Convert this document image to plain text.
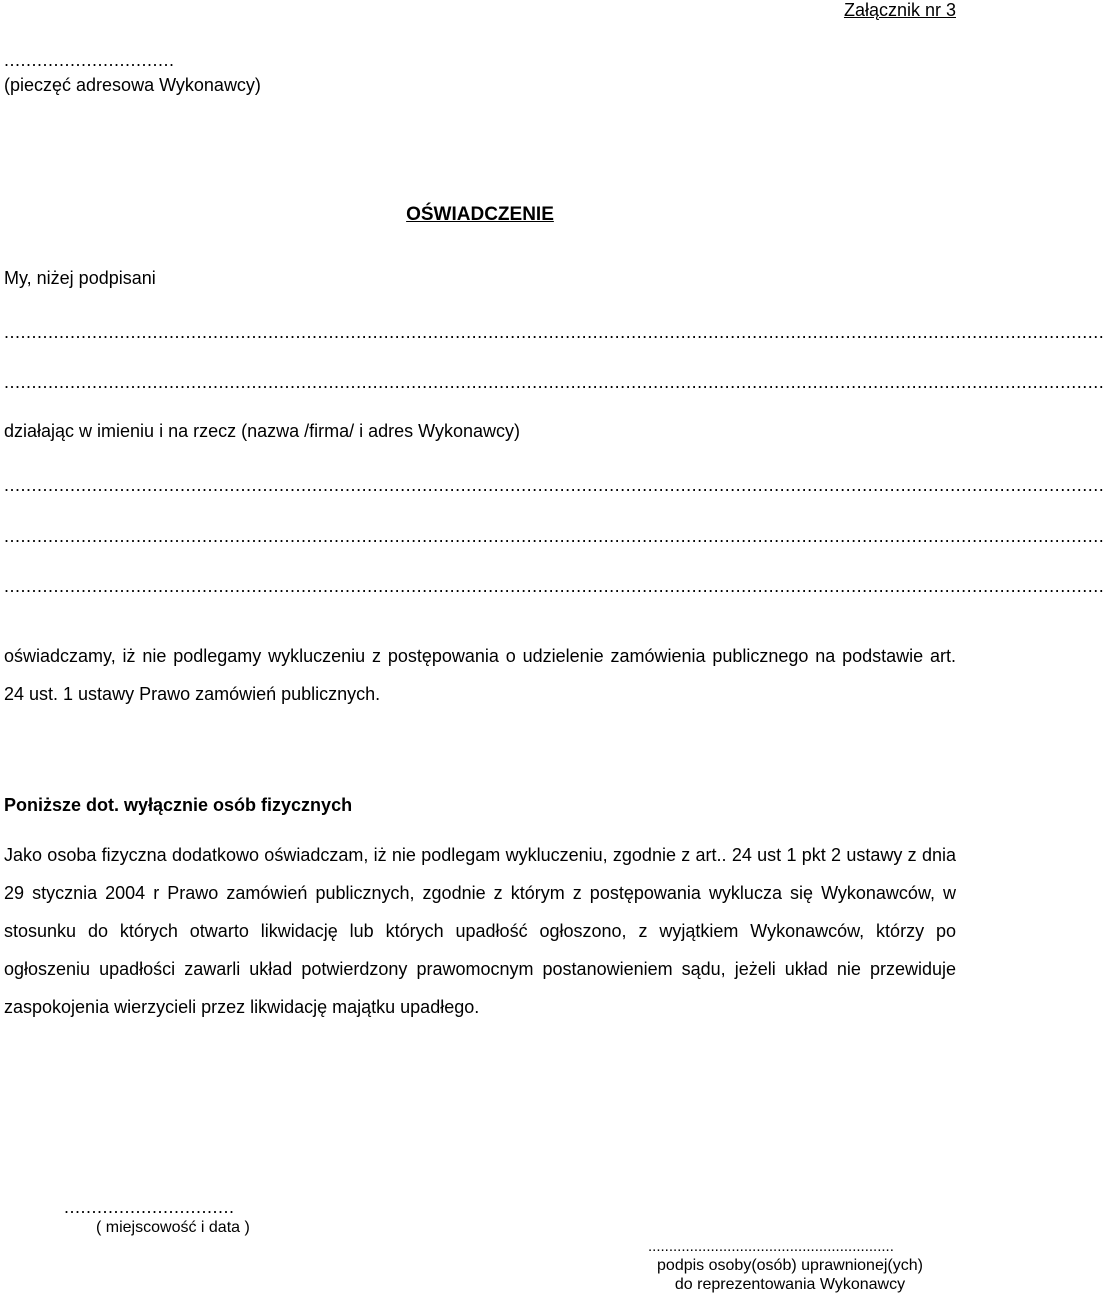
Załącznik nr 3
...............................
(pieczęć adresowa Wykonawcy)
OŚWIADCZENIE
My, niżej podpisani
........................................................................................................................................................................................................
........................................................................................................................................................................................................
działając w imieniu i na rzecz (nazwa /firma/ i adres Wykonawcy)
........................................................................................................................................................................................................
........................................................................................................................................................................................................
........................................................................................................................................................................................................
oświadczamy, iż nie podlegamy wykluczeniu z postępowania o udzielenie zamówienia publicznego na podstawie art. 24 ust. 1 ustawy Prawo zamówień publicznych.
Poniższe dot. wyłącznie osób fizycznych
Jako osoba fizyczna dodatkowo oświadczam, iż nie podlegam wykluczeniu, zgodnie z art.. 24 ust 1 pkt 2 ustawy z dnia 29 stycznia 2004 r Prawo zamówień publicznych, zgodnie z którym z postępowania wyklucza się Wykonawców, w stosunku do których otwarto likwidację lub których upadłość ogłoszono, z wyjątkiem Wykonawców, którzy po ogłoszeniu upadłości zawarli układ potwierdzony prawomocnym postanowieniem sądu, jeżeli układ nie przewiduje zaspokojenia wierzycieli przez likwidację majątku upadłego.
...............................
( miejscowość i data )
...........................................................
podpis osoby(osób) uprawnionej(ych)
do reprezentowania Wykonawcy
